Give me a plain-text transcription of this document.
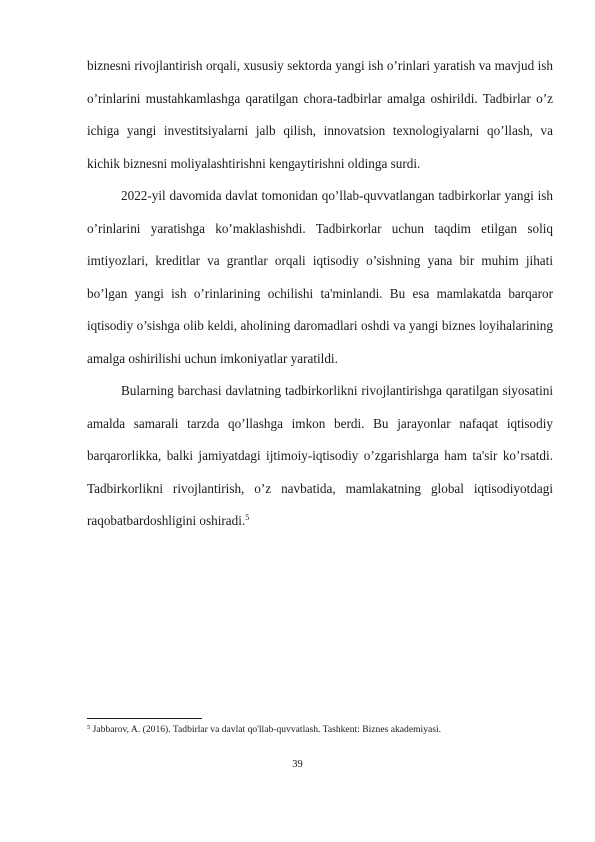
biznesni rivojlantirish orqali, xususiy sektorda yangi ish o’rinlari yaratish va mavjud ish o’rinlarini mustahkamlashga qaratilgan chora-tadbirlar amalga oshirildi. Tadbirlar o’z ichiga yangi investitsiyalarni jalb qilish, innovatsion texnologiyalarni qo’llash, va kichik biznesni moliyalashtirishni kengaytirishni oldinga surdi.

2022-yil davomida davlat tomonidan qo’llab-quvvatlangan tadbirkorlar yangi ish o’rinlarini yaratishga ko’maklashishdi. Tadbirkorlar uchun taqdim etilgan soliq imtiyozlari, kreditlar va grantlar orqali iqtisodiy o’sishning yana bir muhim jihati bo’lgan yangi ish o’rinlarining ochilishi ta'minlandi. Bu esa mamlakatda barqaror iqtisodiy o’sishga olib keldi, aholining daromadlari oshdi va yangi biznes loyihalarining amalga oshirilishi uchun imkoniyatlar yaratildi.

Bularning barchasi davlatning tadbirkorlikni rivojlantirishga qaratilgan siyosatini amalda samarali tarzda qo’llashga imkon berdi. Bu jarayonlar nafaqat iqtisodiy barqarorlikka, balki jamiyatdagi ijtimoiy-iqtisodiy o’zgarishlarga ham ta'sir ko’rsatdi. Tadbirkorlikni rivojlantirish, o’z navbatida, mamlakatning global iqtisodiyotdagi raqobatbardoshligini oshiradi.$^5$

$^5$ Jabbarov, A. (2016). Tadbirlar va davlat qo'llab-quvvatlash. Tashkent: Biznes akademiyasi.
39
